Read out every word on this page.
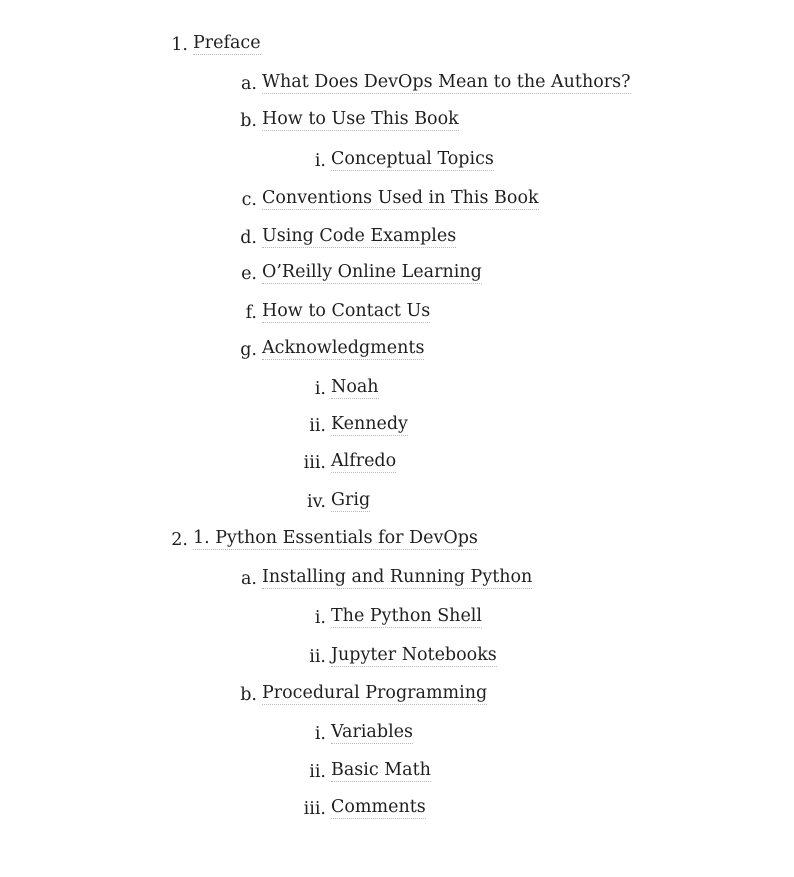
1. Preface
a. What Does DevOps Mean to the Authors?
b. How to Use This Book
i. Conceptual Topics
c. Conventions Used in This Book
d. Using Code Examples
e. O’Reilly Online Learning
f. How to Contact Us
g. Acknowledgments
i. Noah
ii. Kennedy
iii. Alfredo
iv. Grig
2. 1. Python Essentials for DevOps
a. Installing and Running Python
i. The Python Shell
ii. Jupyter Notebooks
b. Procedural Programming
i. Variables
ii. Basic Math
iii. Comments
